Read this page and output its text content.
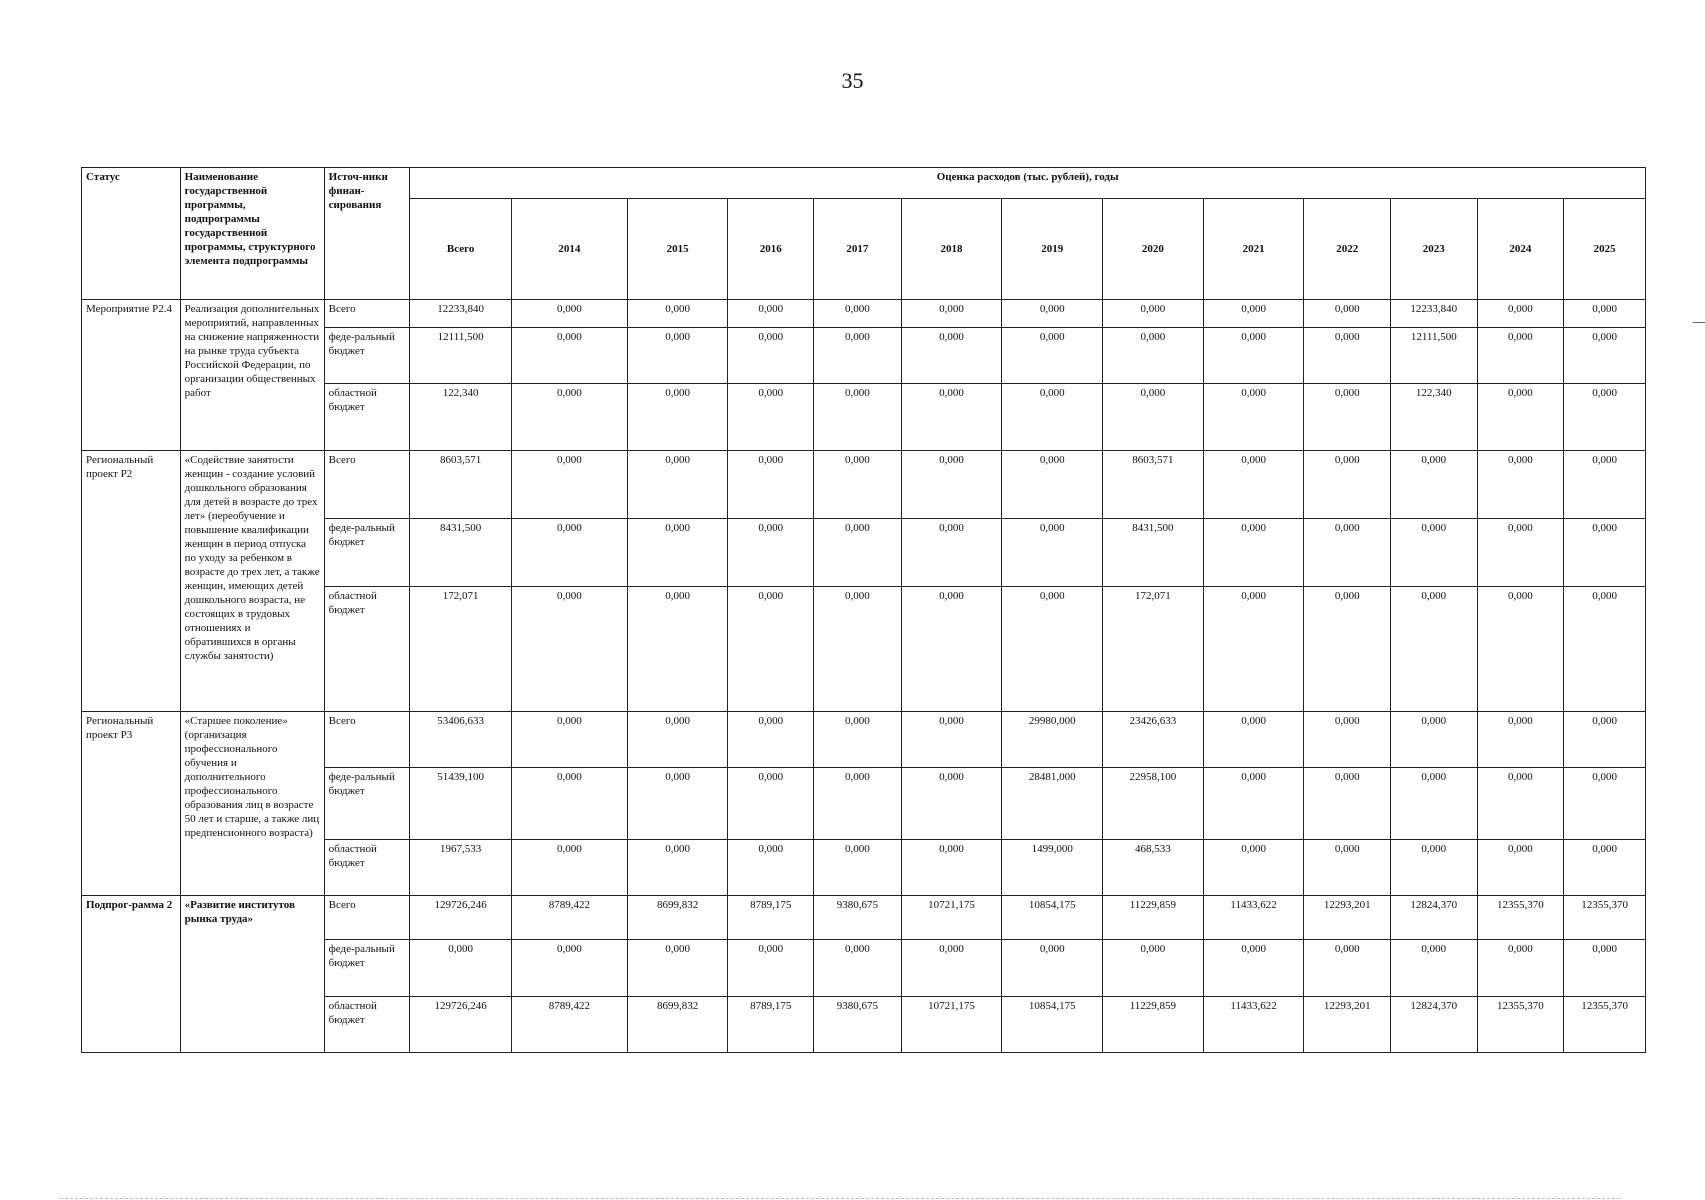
35
Статус	Наименование государственной программы, подпрограммы государственной программы, структурного элемента подпрограммы	Источ-ники финан-сирования	Оценка расходов (тыс. рублей), годы												
			Всего	2014	2015	2016	2017	2018	2019	2020	2021	2022	2023	2024	2025
Мероприятие Р2.4	Реализация дополнительных мероприятий, направленных на снижение напряженности на рынке труда субъекта Российской Федерации, по организации общественных работ	Всего	12233,840	0,000	0,000	0,000	0,000	0,000	0,000	0,000	0,000	0,000	12233,840	0,000	0,000
		феде-ральный бюджет	12111,500	0,000	0,000	0,000	0,000	0,000	0,000	0,000	0,000	0,000	12111,500	0,000	0,000
		областной бюджет	122,340	0,000	0,000	0,000	0,000	0,000	0,000	0,000	0,000	0,000	122,340	0,000	0,000
Региональный проект Р2	«Содействие занятости женщин - создание условий дошкольного образования для детей в возрасте до трех лет» (переобучение и повышение квалификации женщин в период отпуска по уходу за ребенком в возрасте до трех лет, а также женщин, имеющих детей дошкольного возраста, не состоящих в трудовых отношениях и обратившихся в органы службы занятости)	Всего	8603,571	0,000	0,000	0,000	0,000	0,000	0,000	8603,571	0,000	0,000	0,000	0,000	0,000
		феде-ральный бюджет	8431,500	0,000	0,000	0,000	0,000	0,000	0,000	8431,500	0,000	0,000	0,000	0,000	0,000
		областной бюджет	172,071	0,000	0,000	0,000	0,000	0,000	0,000	172,071	0,000	0,000	0,000	0,000	0,000
Региональный проект Р3	«Старшее поколение» (организация профессионального обучения и дополнительного профессионального образования лиц в возрасте 50 лет и старше, а также лиц предпенсионного возраста)	Всего	53406,633	0,000	0,000	0,000	0,000	0,000	29980,000	23426,633	0,000	0,000	0,000	0,000	0,000
		феде-ральный бюджет	51439,100	0,000	0,000	0,000	0,000	0,000	28481,000	22958,100	0,000	0,000	0,000	0,000	0,000
		областной бюджет	1967,533	0,000	0,000	0,000	0,000	0,000	1499,000	468,533	0,000	0,000	0,000	0,000	0,000
Подпрог-рамма 2	«Развитие институтов рынка труда»	Всего	129726,246	8789,422	8699,832	8789,175	9380,675	10721,175	10854,175	11229,859	11433,622	12293,201	12824,370	12355,370	12355,370
		феде-ральный бюджет	0,000	0,000	0,000	0,000	0,000	0,000	0,000	0,000	0,000	0,000	0,000	0,000	0,000
		областной бюджет	129726,246	8789,422	8699,832	8789,175	9380,675	10721,175	10854,175	11229,859	11433,622	12293,201	12824,370	12355,370	12355,370
